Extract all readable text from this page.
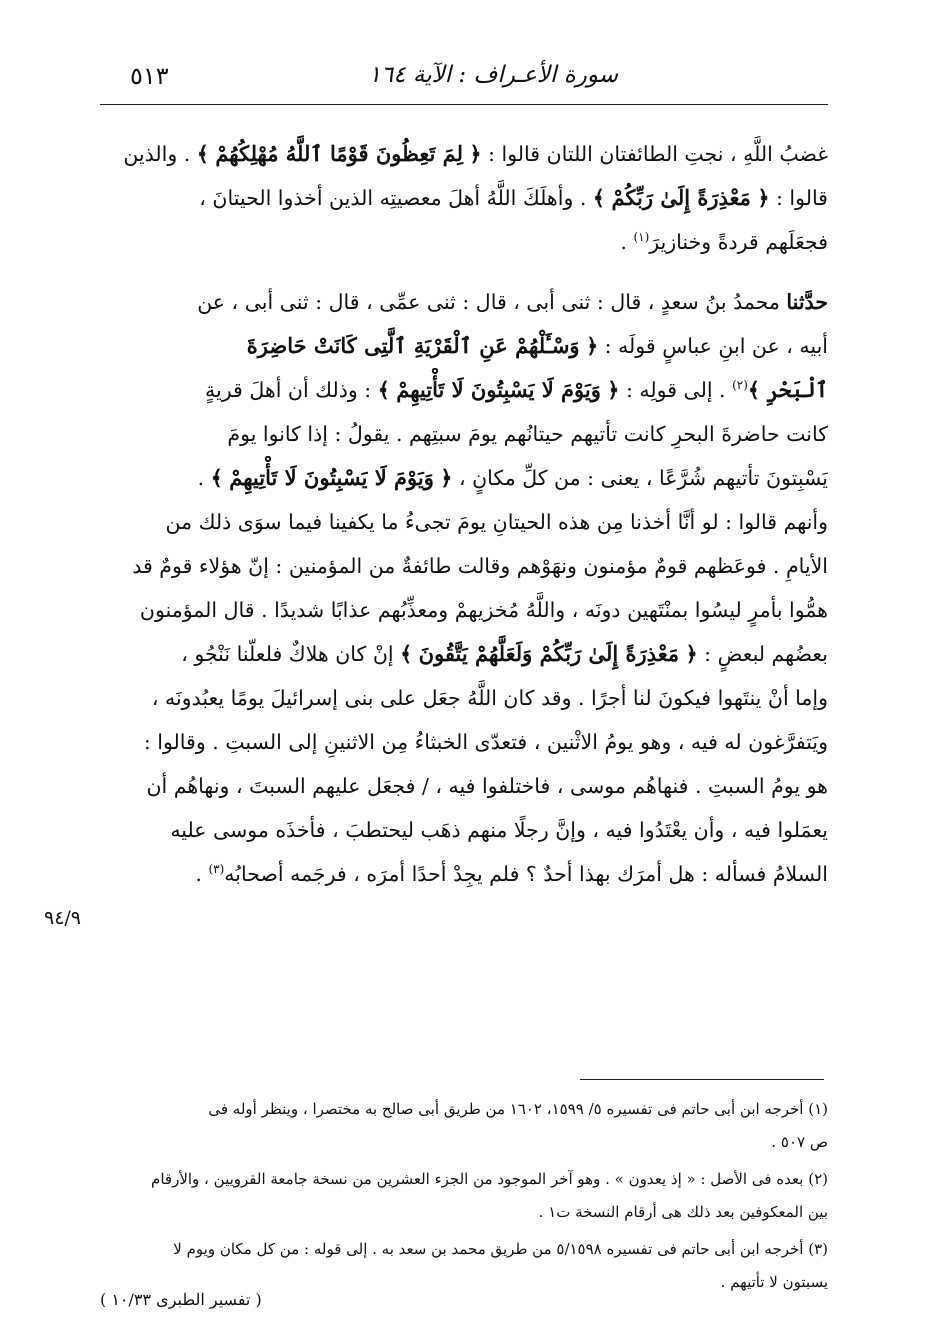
سورة الأعـراف : الآية ١٦٤
٥١٣
غضبُ اللَّهِ ، نجتِ الطائفتان اللتان قالوا : ﴿ لِمَ تَعِظُونَ قَوْمًا ٱللَّهُ مُهْلِكُهُمْ ﴾ . والذين
قالوا : ﴿ مَعْذِرَةً إِلَىٰ رَبِّكُمْ ﴾ . وأهلَكَ اللَّهُ أهلَ معصيتِه الذين أخذوا الحيتانَ ،
فجعَلَهم قردةً وخنازيرَ$^{(١)}$ .
حدَّثنا محمدُ بنُ سعدٍ ، قال : ثنى أبى ، قال : ثنى عمِّى ، قال : ثنى أبى ، عن
أبيه ، عن ابنِ عباسٍ قولَه : ﴿ وَسْـَٔلْهُمْ عَنِ ٱلْقَرْيَةِ ٱلَّتِى كَانَتْ حَاضِرَةَ
ٱلْبَحْرِ ﴾$^{(٢)}$ . إلى قولِه : ﴿ وَيَوْمَ لَا يَسْبِتُونَ لَا تَأْتِيهِمْ ﴾ : وذلك أن أهلَ قريةٍ
كانت حاضرةَ البحرِ كانت تأتيهم حيتانُهم يومَ سبتِهم . يقولُ : إذا كانوا يومَ
يَسْبِتونَ تأتيهم شُرَّعًا ، يعنى : من كلِّ مكانٍ ، ﴿ وَيَوْمَ لَا يَسْبِتُونَ لَا تَأْتِيهِمْ ﴾ .
وأنهم قالوا : لو أنَّا أخذنا مِن هذه الحيتانِ يومَ تجىءُ ما يكفينا فيما سوَى ذلك من
الأيامِ . فوعَظهم قومٌ مؤمنون ونهَوْهم وقالت طائفةٌ من المؤمنين : إنّ هؤلاء قومٌ قد
همُّوا بأمرٍ ليسُوا بمنْتَهين دونَه ، واللَّهُ مُخزيهمْ ومعذِّبُهم عذابًا شديدًا . قال المؤمنون
بعضُهم لبعضٍ : ﴿ مَعْذِرَةً إِلَىٰ رَبِّكُمْ وَلَعَلَّهُمْ يَتَّقُونَ ﴾ إنْ كان هلاكٌ فلعلّنا نَنْجُو ،
وإما أنْ ينتَهوا فيكونَ لنا أجرًا . وقد كان اللَّهُ جعَل على بنى إسرائيلَ يومًا يعبُدونَه ،
ويَتفرَّغون له فيه ، وهو يومُ الاثْنين ، فتعدّى الخبثاءُ مِن الاثنينِ إلى السبتِ . وقالوا :
هو يومُ السبتِ . فنهاهُم موسى ، فاختلفوا فيه ، / فجعَل عليهم السبتَ ، ونهاهُم أن
يعمَلوا فيه ، وأن يعْتَدُوا فيه ، وإنَّ رجلًا منهم ذهَب ليحتطبَ ، فأخذَه موسى عليه
السلامُ فسأله : هل أمرَك بهذا أحدٌ ؟ فلم يجِدْ أحدًا أمرَه ، فرجَمه أصحابُه$^{(٣)}$ .
٩٤/٩
(١) أخرجه ابن أبى حاتم فى تفسيره ٥/ ١٥٩٩، ١٦٠٢ من طريق أبى صالح به مختصرا ، وينظر أوله فى
ص ٥٠٧ .
(٢) بعده فى الأصل : « إذ يعدون » . وهو آخر الموجود من الجزء العشرين من نسخة جامعة القرويين ، والأرقام
بين المعكوفين بعد ذلك هى أرقام النسخة ت١ .
(٣) أخرجه ابن أبى حاتم فى تفسيره ٥/١٥٩٨ من طريق محمد بن سعد به . إلى قوله : من كل مكان ويوم لا
يسبتون لا تأتيهم .
( تفسير الطبرى ١٠/٣٣ )
